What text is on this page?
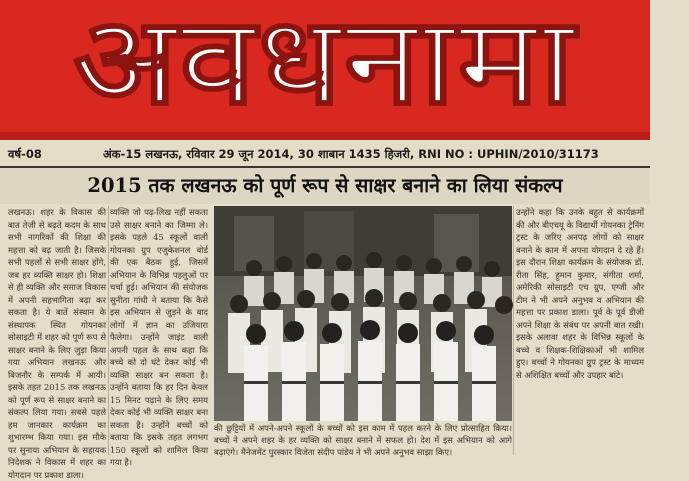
अवधनामा
वर्ष-08	अंक-15 लखनऊ, रविवार 29 जून 2014, 30 शाबान 1435 हिजरी, RNI NO : UPHIN/2010/31173
2015 तक लखनऊ को पूर्ण रूप से साक्षर बनाने का लिया संकल्प

लखनऊ। शहर के विकास की बात तेजी से बढ़ते कदम के साथ सभी नागरिकों की शिक्षा की महत्ता को बढ़ जाती है। जिसके सभी पहलों से सभी साक्षर होंगे, जब हर व्यक्ति साक्षर हो। शिक्षा से ही व्यक्ति और समाज विकास में अपनी सहभागिता बढ़ा कर सकता है। ये बातें संस्थान के संस्थापक स्थित गोयनका सोसाइटी में शहर को पूर्ण रूप से साक्षर बनाने के लिए जुड़ा किया गया अभियान लखनऊ और बिजनौर के सम्पर्क में आयी। इसके तहत 2015 तक लखनऊ को पूर्ण रूप से साक्षर बनाने का संकल्प लिया गया। सबसे पहले हम जानकार कार्यक्रम का शुभारम्भ किया गया। इस मौके पर सुनाया अभियान के सहायक निदेशक ने विकास में शहर का योगदान पर प्रकाश डाला।

व्यक्ति जो पढ़-लिख नहीं सकता उसे साक्षर बनाने का जिम्मा ले। इसके पहले 45 स्कूलों वाली गोयनका ग्रुप एजुकेशनल बोर्ड की एक बैठक हुई, जिसमें अभियान के विभिन्न पहलुओं पर चर्चा हुई। अभियान की संयोजक सुनीता गांधी ने बताया कि कैसे इस अभियान से जुड़ने के बाद लोगों में ज्ञान का उजियारा फैलेगा। उन्होंने जाइंट वाली अपनी पहल के साथ कहा कि बच्चे को दो घंटे देकर कोई भी व्यक्ति साक्षर बन सकता है। उन्होंने बताया कि हर दिन केवल 15 मिनट पढ़ाने के लिए समय देकर कोई भी व्यक्ति साक्षर बना सकता है। उन्होंने बच्चों को बताया कि इसके तहत लगभग 150 स्कूलों को शामिल किया गया है।

की छुट्टियों में अपने-अपने स्कूलों के बच्चों को इस काम में पहल करने के लिए प्रोत्साहित किया। बच्चों ने अपने शहर के हर व्यक्ति को साक्षर बनाने में सफल हो। देश में इस अभियान को आगे बढ़ाएंगे। मैनेजमेंट पुरस्कार विजेता संदीप पांडेय ने भी अपने अनुभव साझा किए।

उन्होंने कहा कि उनके बहुत से कार्यक्रमों की और बीएचयू के विद्यार्थी गोयनका ट्रेनिंग ट्रस्ट के जरिए अनपढ़ लोगों को साक्षर बनाने के काम में अपना योगदान दे रहे हैं। इस दौरान शिक्षा कार्यक्रम के संयोजक डॉ. रीता सिंह, हुमान कुमार, संगीता शर्मा, अमेरिकी सोसाइटी एच ग्रुप, एग्जी और टीम ने भी अपने अनुभव व अभियान की महत्ता पर प्रकाश डाला। पूर्व के पूर्व डीजी अपने शिक्षा के संबंध पर अपनी बात रखी। इसके अलावा शहर के विभिन्न स्कूलों के बच्चे व शिक्षक-शिक्षिकाओं भी शामिल हुए। बच्चों ने गोयनका ग्रुप ट्रस्ट के माध्यम से अशिक्षित बच्चों और उपहार बांटे।
